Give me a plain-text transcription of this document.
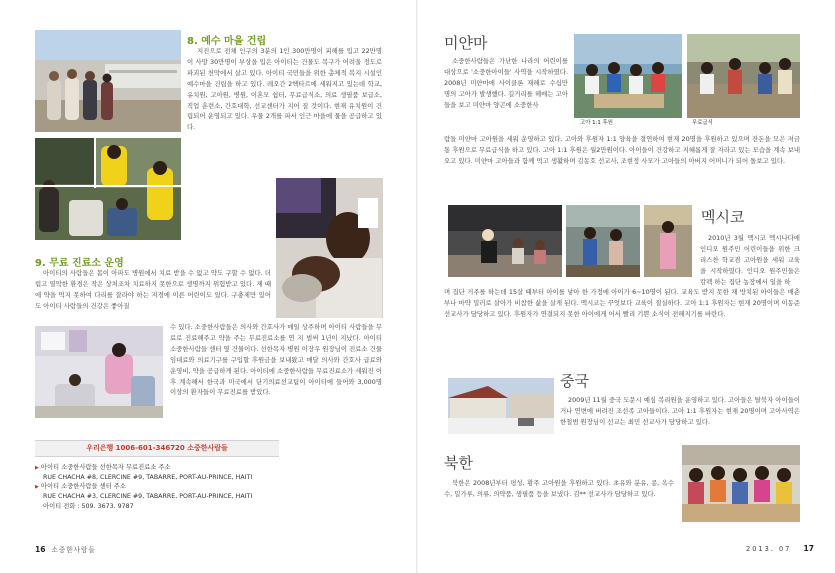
8. 예수 마을 건립

지진으로 전체 인구의 3분의 1인 300만명이 피해를 입고 22만명이 사망 30만명이 부상을 입은 아이티는 건물도 복구가 어려울 정도로 파괴된 천막에서 살고 있다. 아이티 국민들을 위한 총체적 복지 시설인 예수마을 건립을 하고 있다. 레오간 2헥타르에 세워지고 있는데 학교, 유치원, 고아원, 병원, 이혼모 쉼터, 무료급식소, 의료 생필품 보급소, 직업 훈련소, 간호대학, 선교센터가 지어 질 것이다. 현재 유치원이 건립되어 운영되고 있다. 우물 2개를 파서 인근 마을에 물을 공급하고 있다.

9. 무료 진료소 운영

아이티의 사람들은 몸이 아파도 병원에서 치료 받을 수 없고 약도 구할 수 없다. 더럽고 열악한 환경은 작은 상처조차 치료하지 못한으로 생명까지 위험받고 있다. 제 때에 약을 먹지 못하여 다리를 잘라야 하는 지경에 이른 어린이도 있다. 구충제만 있어도 아이티 사람들의 건강은 좋아질

수 있다. 소중한사람들은 의사와 간호사가 매일 상주하며 아이티 사람들을 무료로 진료해주고 약을 주는 무료진료소를 연 지 벌써 1년이 지났다. 아이티 소중한사람들 센터 옆 건물이다. 선한목자 병원 이장우 원장님이 진료소 건물 임대료와 의료기구를 구입할 후원금을 보내왔고 매달 의사와 간호사 급료와 운영비, 약을 공급하게 된다. 아이티에 소중한사람들 무료진료소가 세워진 이후 계속해서 한국과 미국에서 단기의료선교팀이 아이티에 들어와 3,000명 이상의 환자들이 무료진료를 받았다.

우리은행 1006-601-346720 소중한사람들
▶ 아이티 소중한사람들 선한목자 무료진료소 주소
RUE CHACHA #8, CLERCINE #9, TABARRE, PORT-AU-PRINCE, HAITI
▶ 아이티 소중한사람들 센터 주소
RUE CHACHA #3, CLERCINE #9, TABARRE, PORT-AU-PRINCE, HAITI
아이티 전화 : 509. 3673. 9787
16 소중한사람들
미얀마

소중한사람들은 가난한 나라의 어린이를 대상으로 '소중한아이들' 사역을 시작하였다. 2008년 미얀마에 사이클론 재해로 수십만 명의 고아가 발생했다. 길거리를 헤매는 고아들을 보고 미얀마 양곤에 소중한사

고아 1:1 후원	무료급식

람들 미얀마 고아원을 세워 운영하고 있다. 고아와 후원자 1:1 양육을 결연하여 현재 20명을 후원하고 있으며 잔돈을 모은 저금통 후원으로 무료급식을 하고 있다. 고아 1:1 후원은 월2만원이다. 아이들이 건강하고 지혜롭게 잘 자라고 있는 모습을 계속 보내오고 있다. 미얀마 고아들과 함께 먹고 생활하며 김동호 선교사, 조현정 사모가 고아들의 아버지 어머니가 되어 돌보고 있다.

멕시코

2010년 3월 멕시코 멕시나다에 인디오 원주민 어린이들을 위한 크리스찬 학교겸 고아원을 세워 교육을 시작하였다. 인디오 원주민들은 캄펙 하는 집단 농장에서 일을 하

며 집단 거주를 하는데 15살 때부터 아이를 낳아 한 가정에 아이가 6~10명이 된다. 교육도 받지 못한 채 방치된 아이들은 매춘부나 마약 밀러로 살아가 비참한 삶을 살게 된다. 멕시코는 꾸엇보다 교육이 절실하다. 고아 1:1 후원자는 현재 20명이며 이동준 선교사가 담당하고 있다. 후원자가 연결되지 못한 아이에게 어서 빨리 기쁜 소식이 전해지기를 바란다.

중국

2009년 11월 중국 도문시 예심 복리원을 운영하고 있다. 고아들은 탈북자 아이들이거나 연변에 버려진 조선족 고아들이다. 고아 1:1 후원자는 현재 20명이며 고아사역은 한철범 원장님이 선교는 최민 선교사가 담당하고 있다.

북한

북한은 2008년부터 평성, 황주 고아원을 후원하고 있다. 초유와 분유, 콩, 옥수수, 밀가루, 의류, 의약품, 생필품 등을 보냈다. 김** 선교사가 담당하고 있다.

2013. 07 17
